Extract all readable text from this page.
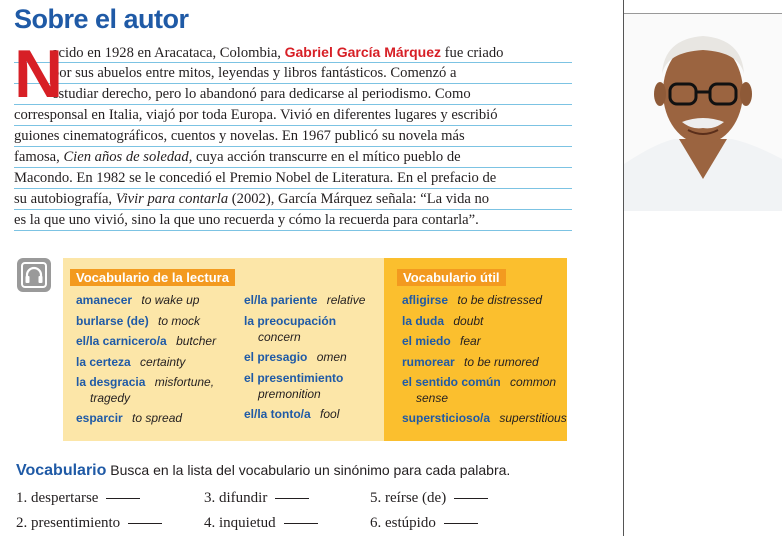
Sobre el autor
N
acido en 1928 en Aracataca, Colombia, Gabriel García Márquez fue criado
por sus abuelos entre mitos, leyendas y libros fantásticos. Comenzó a
estudiar derecho, pero lo abandonó para dedicarse al periodismo. Como
corresponsal en Italia, viajó por toda Europa. Vivió en diferentes lugares y escribió
guiones cinematográficos, cuentos y novelas. En 1967 publicó su novela más
famosa, Cien años de soledad, cuya acción transcurre en el mítico pueblo de
Macondo. En 1982 se le concedió el Premio Nobel de Literatura. En el prefacio de
su autobiografía, Vivir para contarla (2002), García Márquez señala: “La vida no
es la que uno vivió, sino la que uno recuerda y cómo la recuerda para contarla”.
Vocabulario de la lectura
amanecer to wake up
burlarse (de) to mock
el/la carnicero/a butcher
la certeza certainty
la desgracia misfortune,
tragedy
esparcir to spread
el/la pariente relative
la preocupación
concern
el presagio omen
el presentimiento
premonition
el/la tonto/a fool
Vocabulario útil
afligirse to be distressed
la duda doubt
el miedo fear
rumorear to be rumored
el sentido común common
sense
supersticioso/a superstitious
Vocabulario Busca en la lista del vocabulario un sinónimo para cada palabra.
1. despertarse
2. presentimiento
3. difundir
4. inquietud
5. reírse (de)
6. estúpido
